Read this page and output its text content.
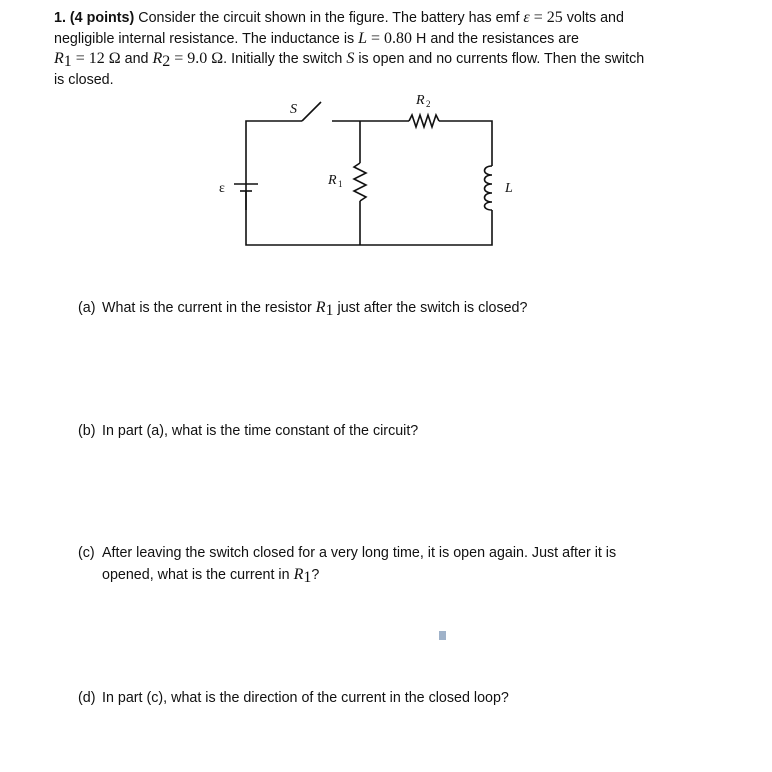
1. (4 points) Consider the circuit shown in the figure. The battery has emf ε = 25 volts and
negligible internal resistance. The inductance is L = 0.80 H and the resistances are
$R_1 = 12$ Ω and $R_2 = 9.0$ Ω. Initially the switch S is open and no currents flow. Then the switch
is closed.
S
R 2
R 1
ε	L
(a) What is the current in the resistor $R_1$ just after the switch is closed?
(b) In part (a), what is the time constant of the circuit?
(c) After leaving the switch closed for a very long time, it is open again. Just after it is
opened, what is the current in $R_1$?
(d) In part (c), what is the direction of the current in the closed loop?
